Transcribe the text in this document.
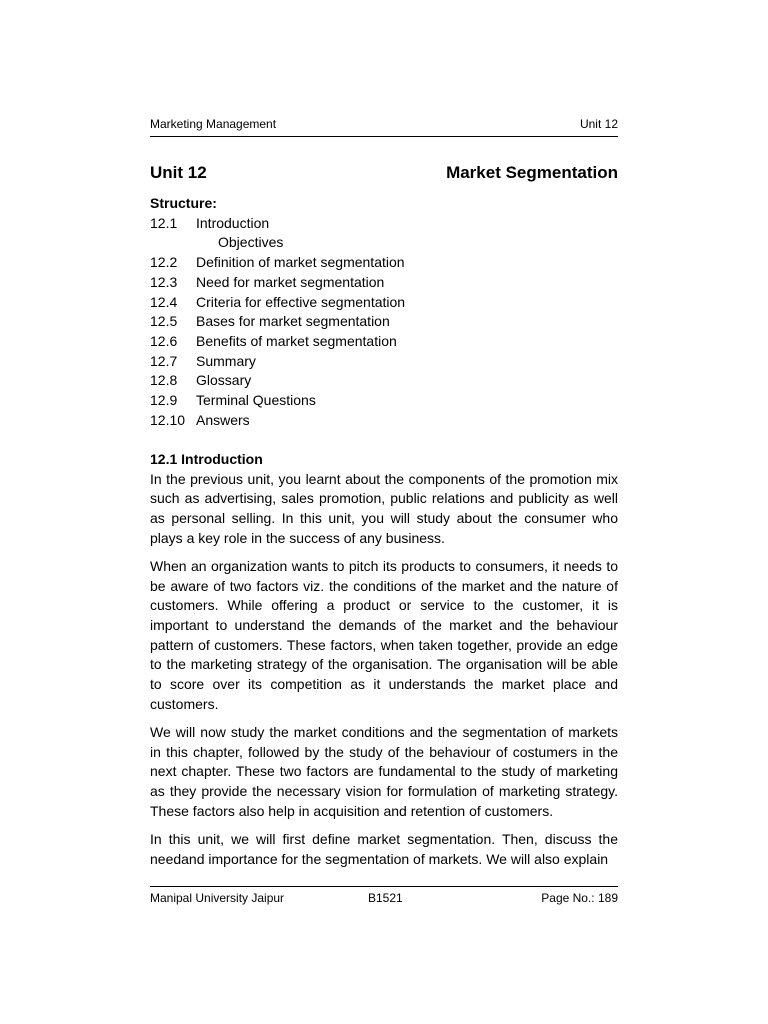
Marketing Management	Unit 12
Unit 12	Market Segmentation
Structure:
12.1	Introduction
Objectives
12.2	Definition of market segmentation
12.3	Need for market segmentation
12.4	Criteria for effective segmentation
12.5	Bases for market segmentation
12.6	Benefits of market segmentation
12.7	Summary
12.8	Glossary
12.9	Terminal Questions
12.10 Answers
12.1 Introduction

In the previous unit, you learnt about the components of the promotion mix such as advertising, sales promotion, public relations and publicity as well as personal selling. In this unit, you will study about the consumer who plays a key role in the success of any business.

When an organization wants to pitch its products to consumers, it needs to be aware of two factors viz. the conditions of the market and the nature of customers. While offering a product or service to the customer, it is important to understand the demands of the market and the behaviour pattern of customers. These factors, when taken together, provide an edge to the marketing strategy of the organisation. The organisation will be able to score over its competition as it understands the market place and customers.

We will now study the market conditions and the segmentation of markets in this chapter, followed by the study of the behaviour of costumers in the next chapter. These two factors are fundamental to the study of marketing as they provide the necessary vision for formulation of marketing strategy. These factors also help in acquisition and retention of customers.

In this unit, we will first define market segmentation. Then, discuss the needand importance for the segmentation of markets. We will also explain

Manipal University Jaipur	B1521	Page No.: 189
